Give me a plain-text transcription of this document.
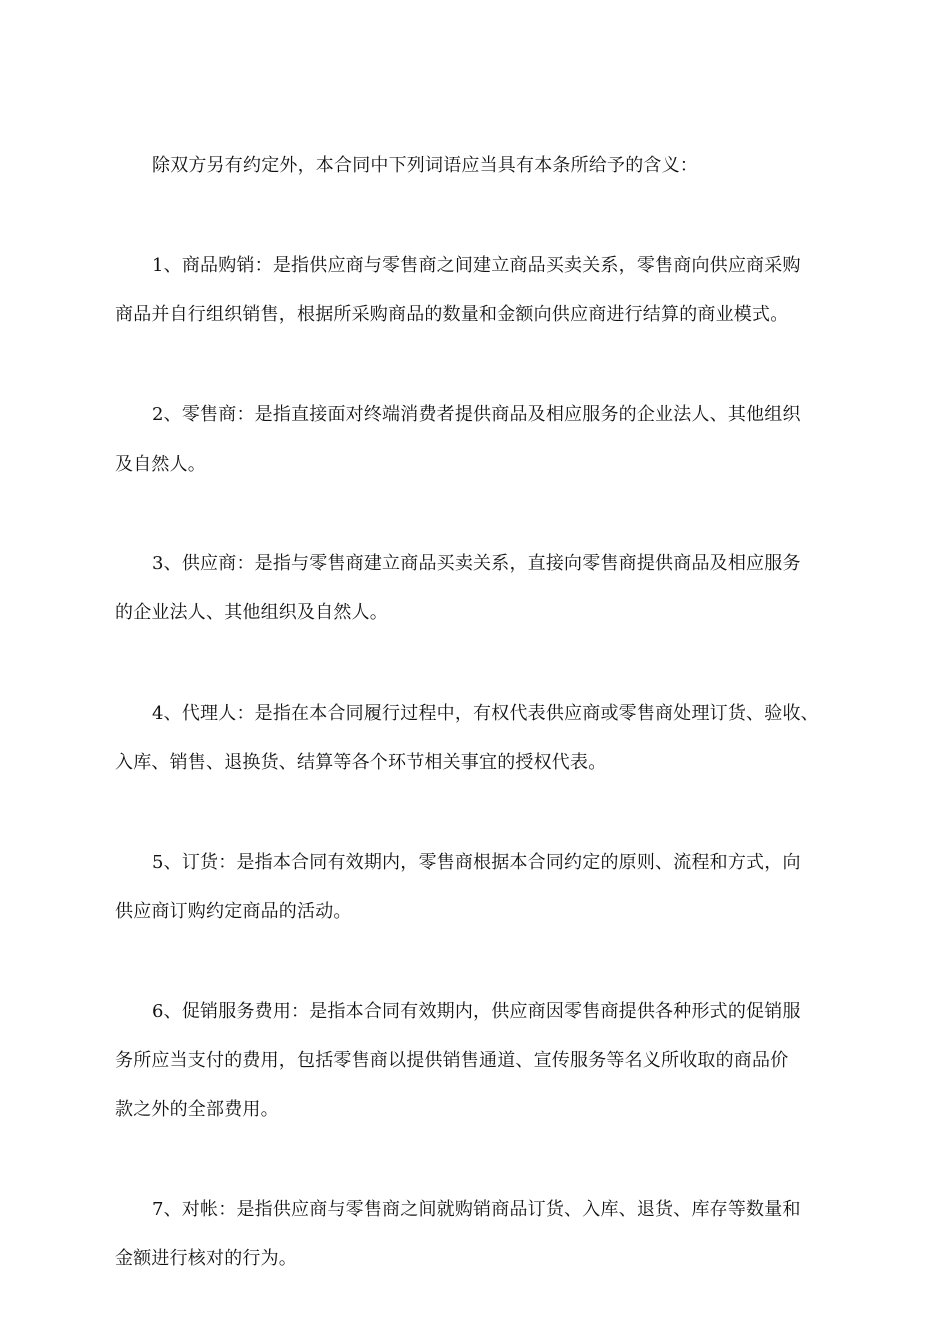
除双方另有约定外，本合同中下列词语应当具有本条所给予的含义：
1、商品购销：是指供应商与零售商之间建立商品买卖关系，零售商向供应商采购
商品并自行组织销售，根据所采购商品的数量和金额向供应商进行结算的商业模式。
2、零售商：是指直接面对终端消费者提供商品及相应服务的企业法人、其他组织
及自然人。
3、供应商：是指与零售商建立商品买卖关系，直接向零售商提供商品及相应服务
的企业法人、其他组织及自然人。
4、代理人：是指在本合同履行过程中，有权代表供应商或零售商处理订货、验收、
入库、销售、退换货、结算等各个环节相关事宜的授权代表。
5、订货：是指本合同有效期内，零售商根据本合同约定的原则、流程和方式，向
供应商订购约定商品的活动。
6、促销服务费用：是指本合同有效期内，供应商因零售商提供各种形式的促销服
务所应当支付的费用，包括零售商以提供销售通道、宣传服务等名义所收取的商品价
款之外的全部费用。
7、对帐：是指供应商与零售商之间就购销商品订货、入库、退货、库存等数量和
金额进行核对的行为。
